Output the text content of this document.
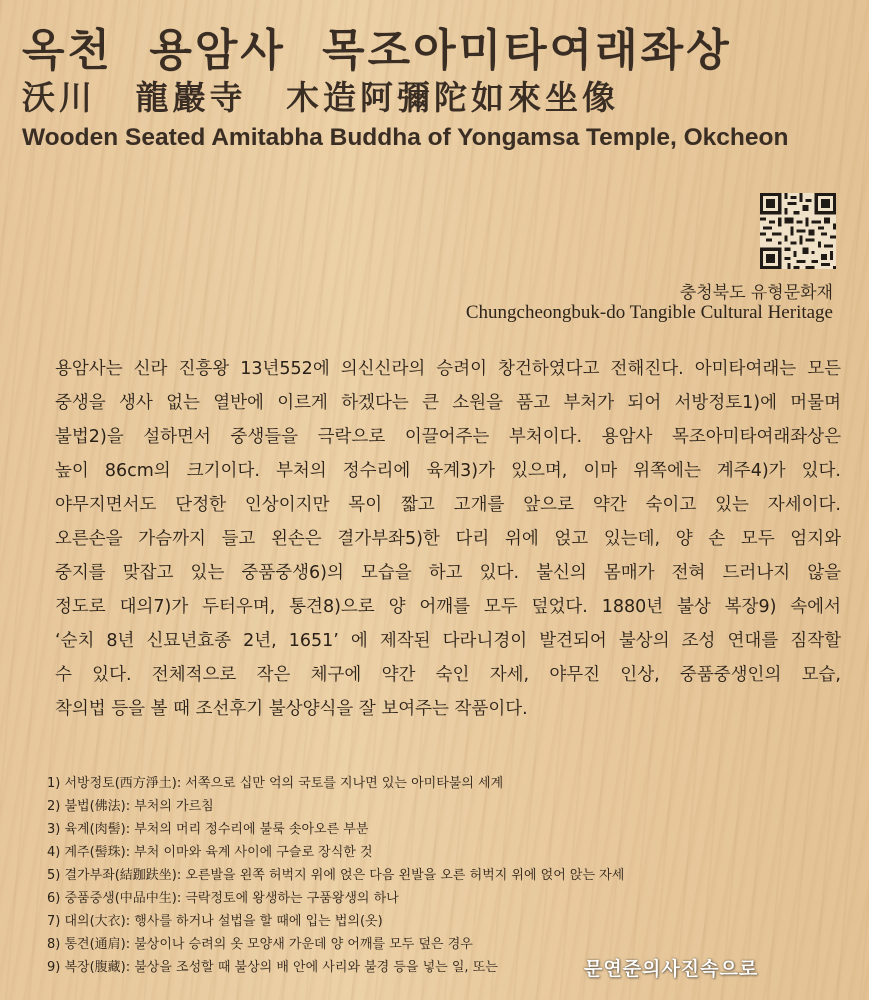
옥천 용암사 목조아미타여래좌상
沃川 龍巖寺 木造阿彌陀如來坐像
Wooden Seated Amitabha Buddha of Yongamsa Temple, Okcheon
충청북도 유형문화재
Chungcheongbuk-do Tangible Cultural Heritage
용암사는 신라 진흥왕 13년552에 의신신라의 승려이 창건하였다고 전해진다. 아미타여래는 모든
중생을 생사 없는 열반에 이르게 하겠다는 큰 소원을 품고 부처가 되어 서방정토1)에 머물며
불법2)을 설하면서 중생들을 극락으로 이끌어주는 부처이다. 용암사 목조아미타여래좌상은
높이 86cm의 크기이다. 부처의 정수리에 육계3)가 있으며, 이마 위쪽에는 계주4)가 있다.
야무지면서도 단정한 인상이지만 목이 짧고 고개를 앞으로 약간 숙이고 있는 자세이다.
오른손을 가슴까지 들고 왼손은 결가부좌5)한 다리 위에 얹고 있는데, 양 손 모두 엄지와
중지를 맞잡고 있는 중품중생6)의 모습을 하고 있다. 불신의 몸매가 전혀 드러나지 않을
정도로 대의7)가 두터우며, 통견8)으로 양 어깨를 모두 덮었다. 1880년 불상 복장9) 속에서
‘순치 8년 신묘년효종 2년, 1651’ 에 제작된 다라니경이 발견되어 불상의 조성 연대를 짐작할
수 있다. 전체적으로 작은 체구에 약간 숙인 자세, 야무진 인상, 중품중생인의 모습,
착의법 등을 볼 때 조선후기 불상양식을 잘 보여주는 작품이다.
1) 서방정토(西方淨土): 서쪽으로 십만 억의 국토를 지나면 있는 아미타불의 세계
2) 불법(佛法): 부처의 가르침
3) 육계(肉髻): 부처의 머리 정수리에 불룩 솟아오른 부분
4) 계주(髻珠): 부처 이마와 육계 사이에 구슬로 장식한 것
5) 결가부좌(結跏趺坐): 오른발을 왼쪽 허벅지 위에 얹은 다음 왼발을 오른 허벅지 위에 얹어 앉는 자세
6) 중품중생(中品中生): 극락정토에 왕생하는 구품왕생의 하나
7) 대의(大衣): 행사를 하거나 설법을 할 때에 입는 법의(옷)
8) 통견(通肩): 불상이나 승려의 옷 모양새 가운데 양 어깨를 모두 덮은 경우
9) 복장(腹藏): 불상을 조성할 때 불상의 배 안에 사리와 불경 등을 넣는 일, 또는	문연준의사진속으로
